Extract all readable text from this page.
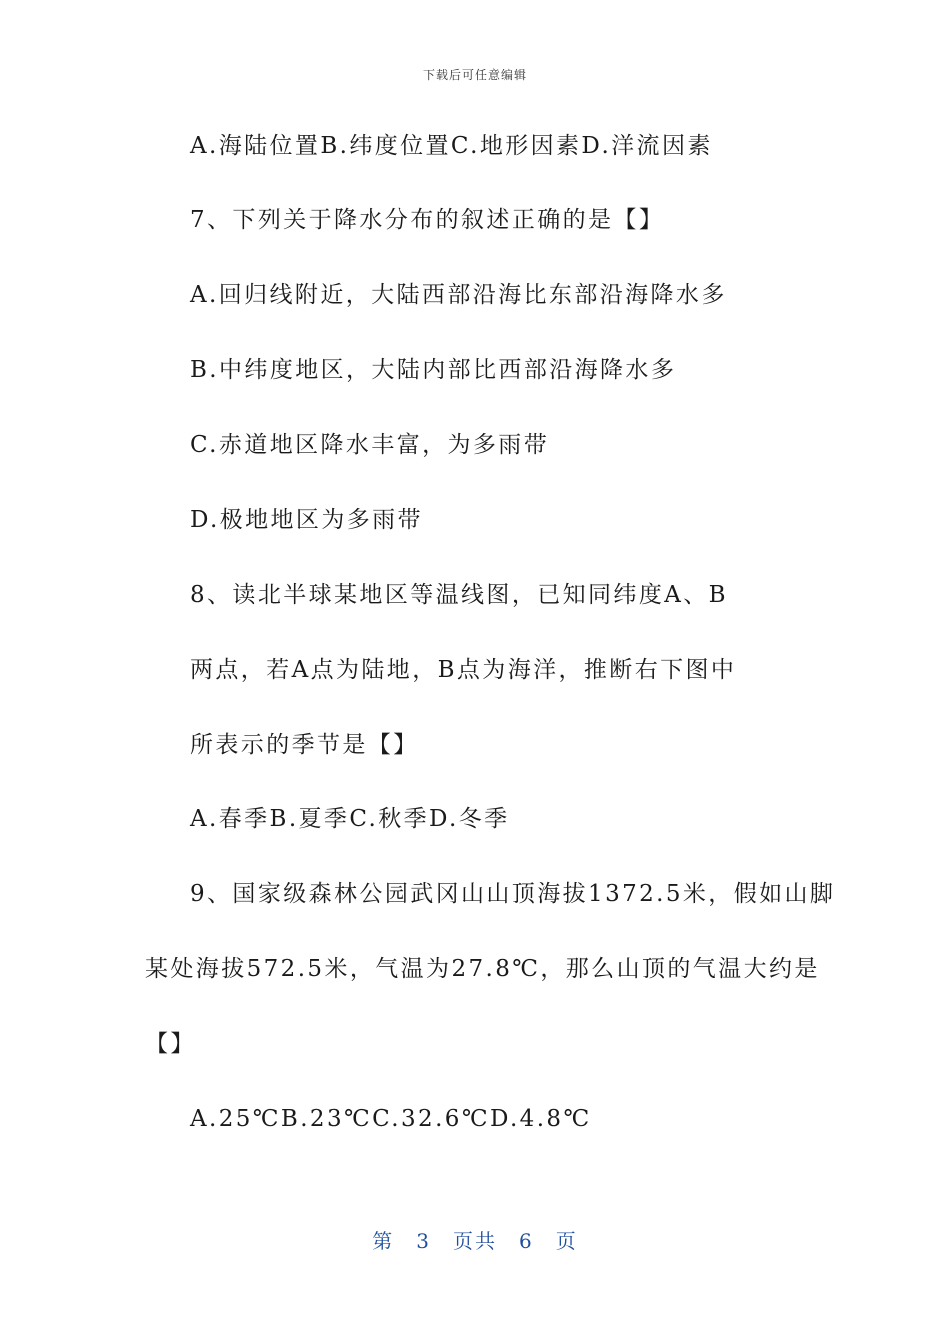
下载后可任意编辑
A.海陆位置B.纬度位置C.地形因素D.洋流因素
7、下列关于降水分布的叙述正确的是【】
A.回归线附近，大陆西部沿海比东部沿海降水多
B.中纬度地区，大陆内部比西部沿海降水多
C.赤道地区降水丰富，为多雨带
D.极地地区为多雨带
8、读北半球某地区等温线图，已知同纬度A、B
两点，若A点为陆地，B点为海洋，推断右下图中
所表示的季节是【】
A.春季B.夏季C.秋季D.冬季
9、国家级森林公园武冈山山顶海拔1372.5米，假如山脚
某处海拔572.5米，气温为27.8℃，那么山顶的气温大约是
【】
A.25℃B.23℃C.32.6℃D.4.8℃
第 3 页共 6 页
